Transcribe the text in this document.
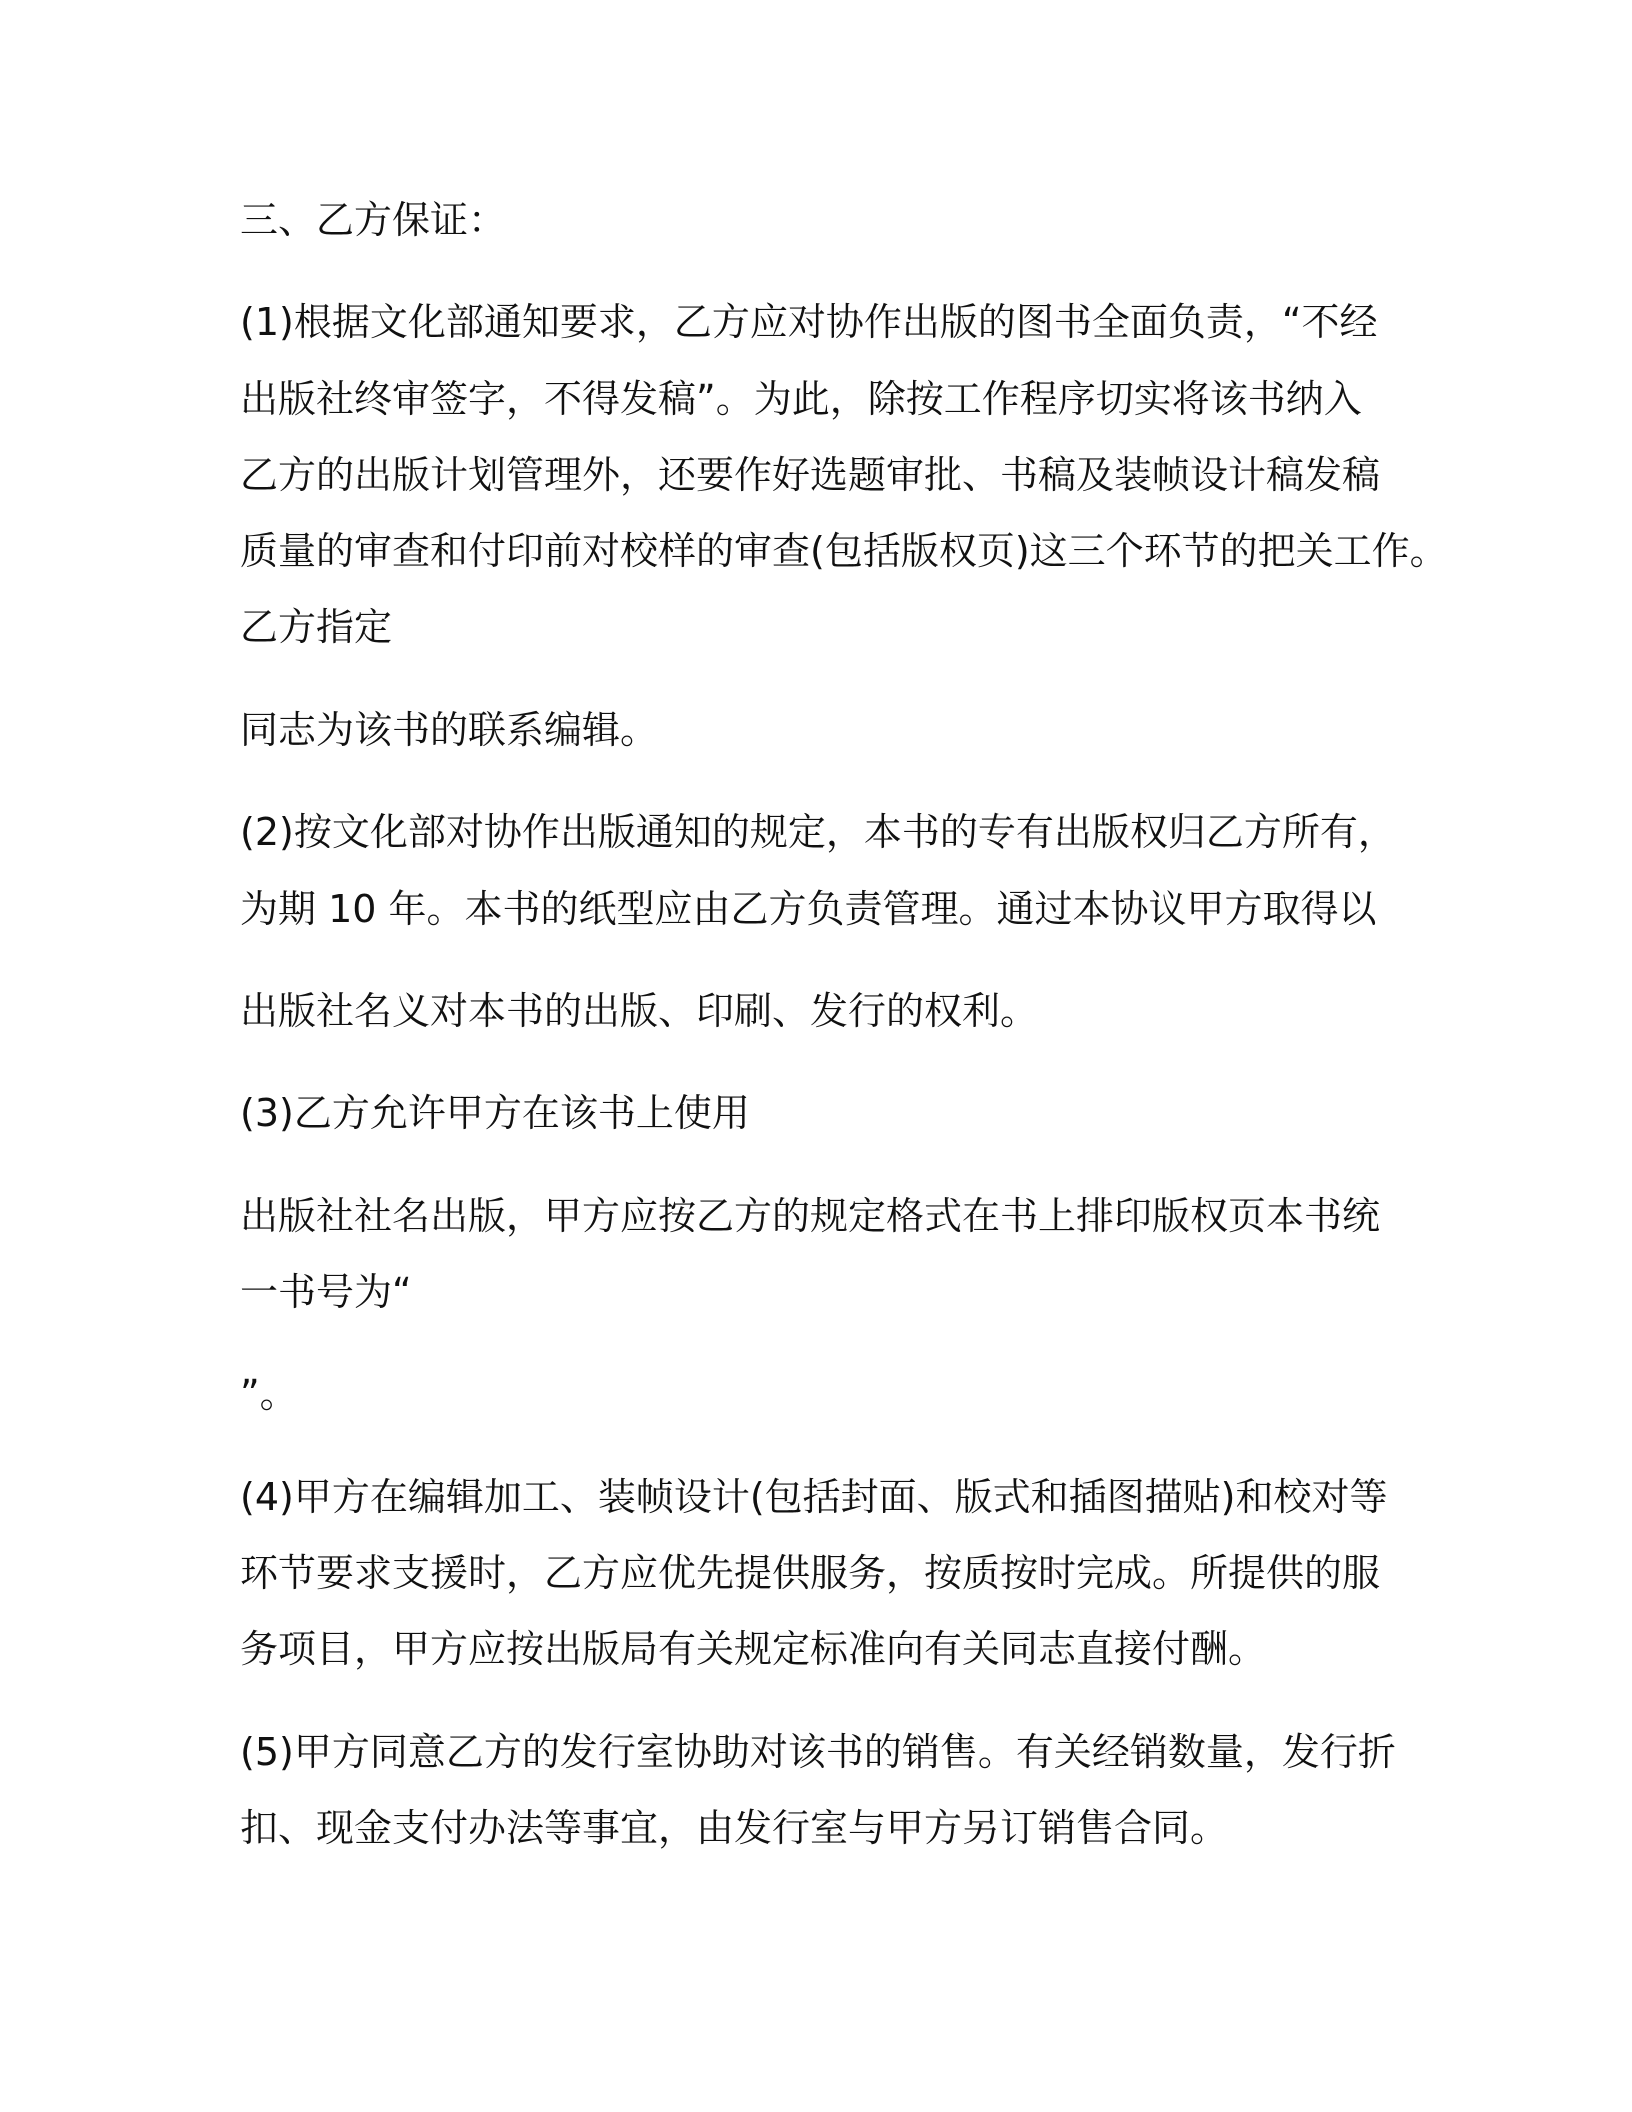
三、乙方保证：
(1)根据文化部通知要求，乙方应对协作出版的图书全面负责，“不经
出版社终审签字，不得发稿”。为此，除按工作程序切实将该书纳入
乙方的出版计划管理外，还要作好选题审批、书稿及装帧设计稿发稿
质量的审查和付印前对校样的审查(包括版权页)这三个环节的把关工作。
乙方指定
同志为该书的联系编辑。
(2)按文化部对协作出版通知的规定，本书的专有出版权归乙方所有，
为期 10 年。本书的纸型应由乙方负责管理。通过本协议甲方取得以
出版社名义对本书的出版、印刷、发行的权利。
(3)乙方允许甲方在该书上使用
出版社社名出版，甲方应按乙方的规定格式在书上排印版权页本书统
一书号为“
”。
(4)甲方在编辑加工、装帧设计(包括封面、版式和插图描贴)和校对等
环节要求支援时，乙方应优先提供服务，按质按时完成。所提供的服
务项目，甲方应按出版局有关规定标准向有关同志直接付酬。
(5)甲方同意乙方的发行室协助对该书的销售。有关经销数量，发行折
扣、现金支付办法等事宜，由发行室与甲方另订销售合同。
